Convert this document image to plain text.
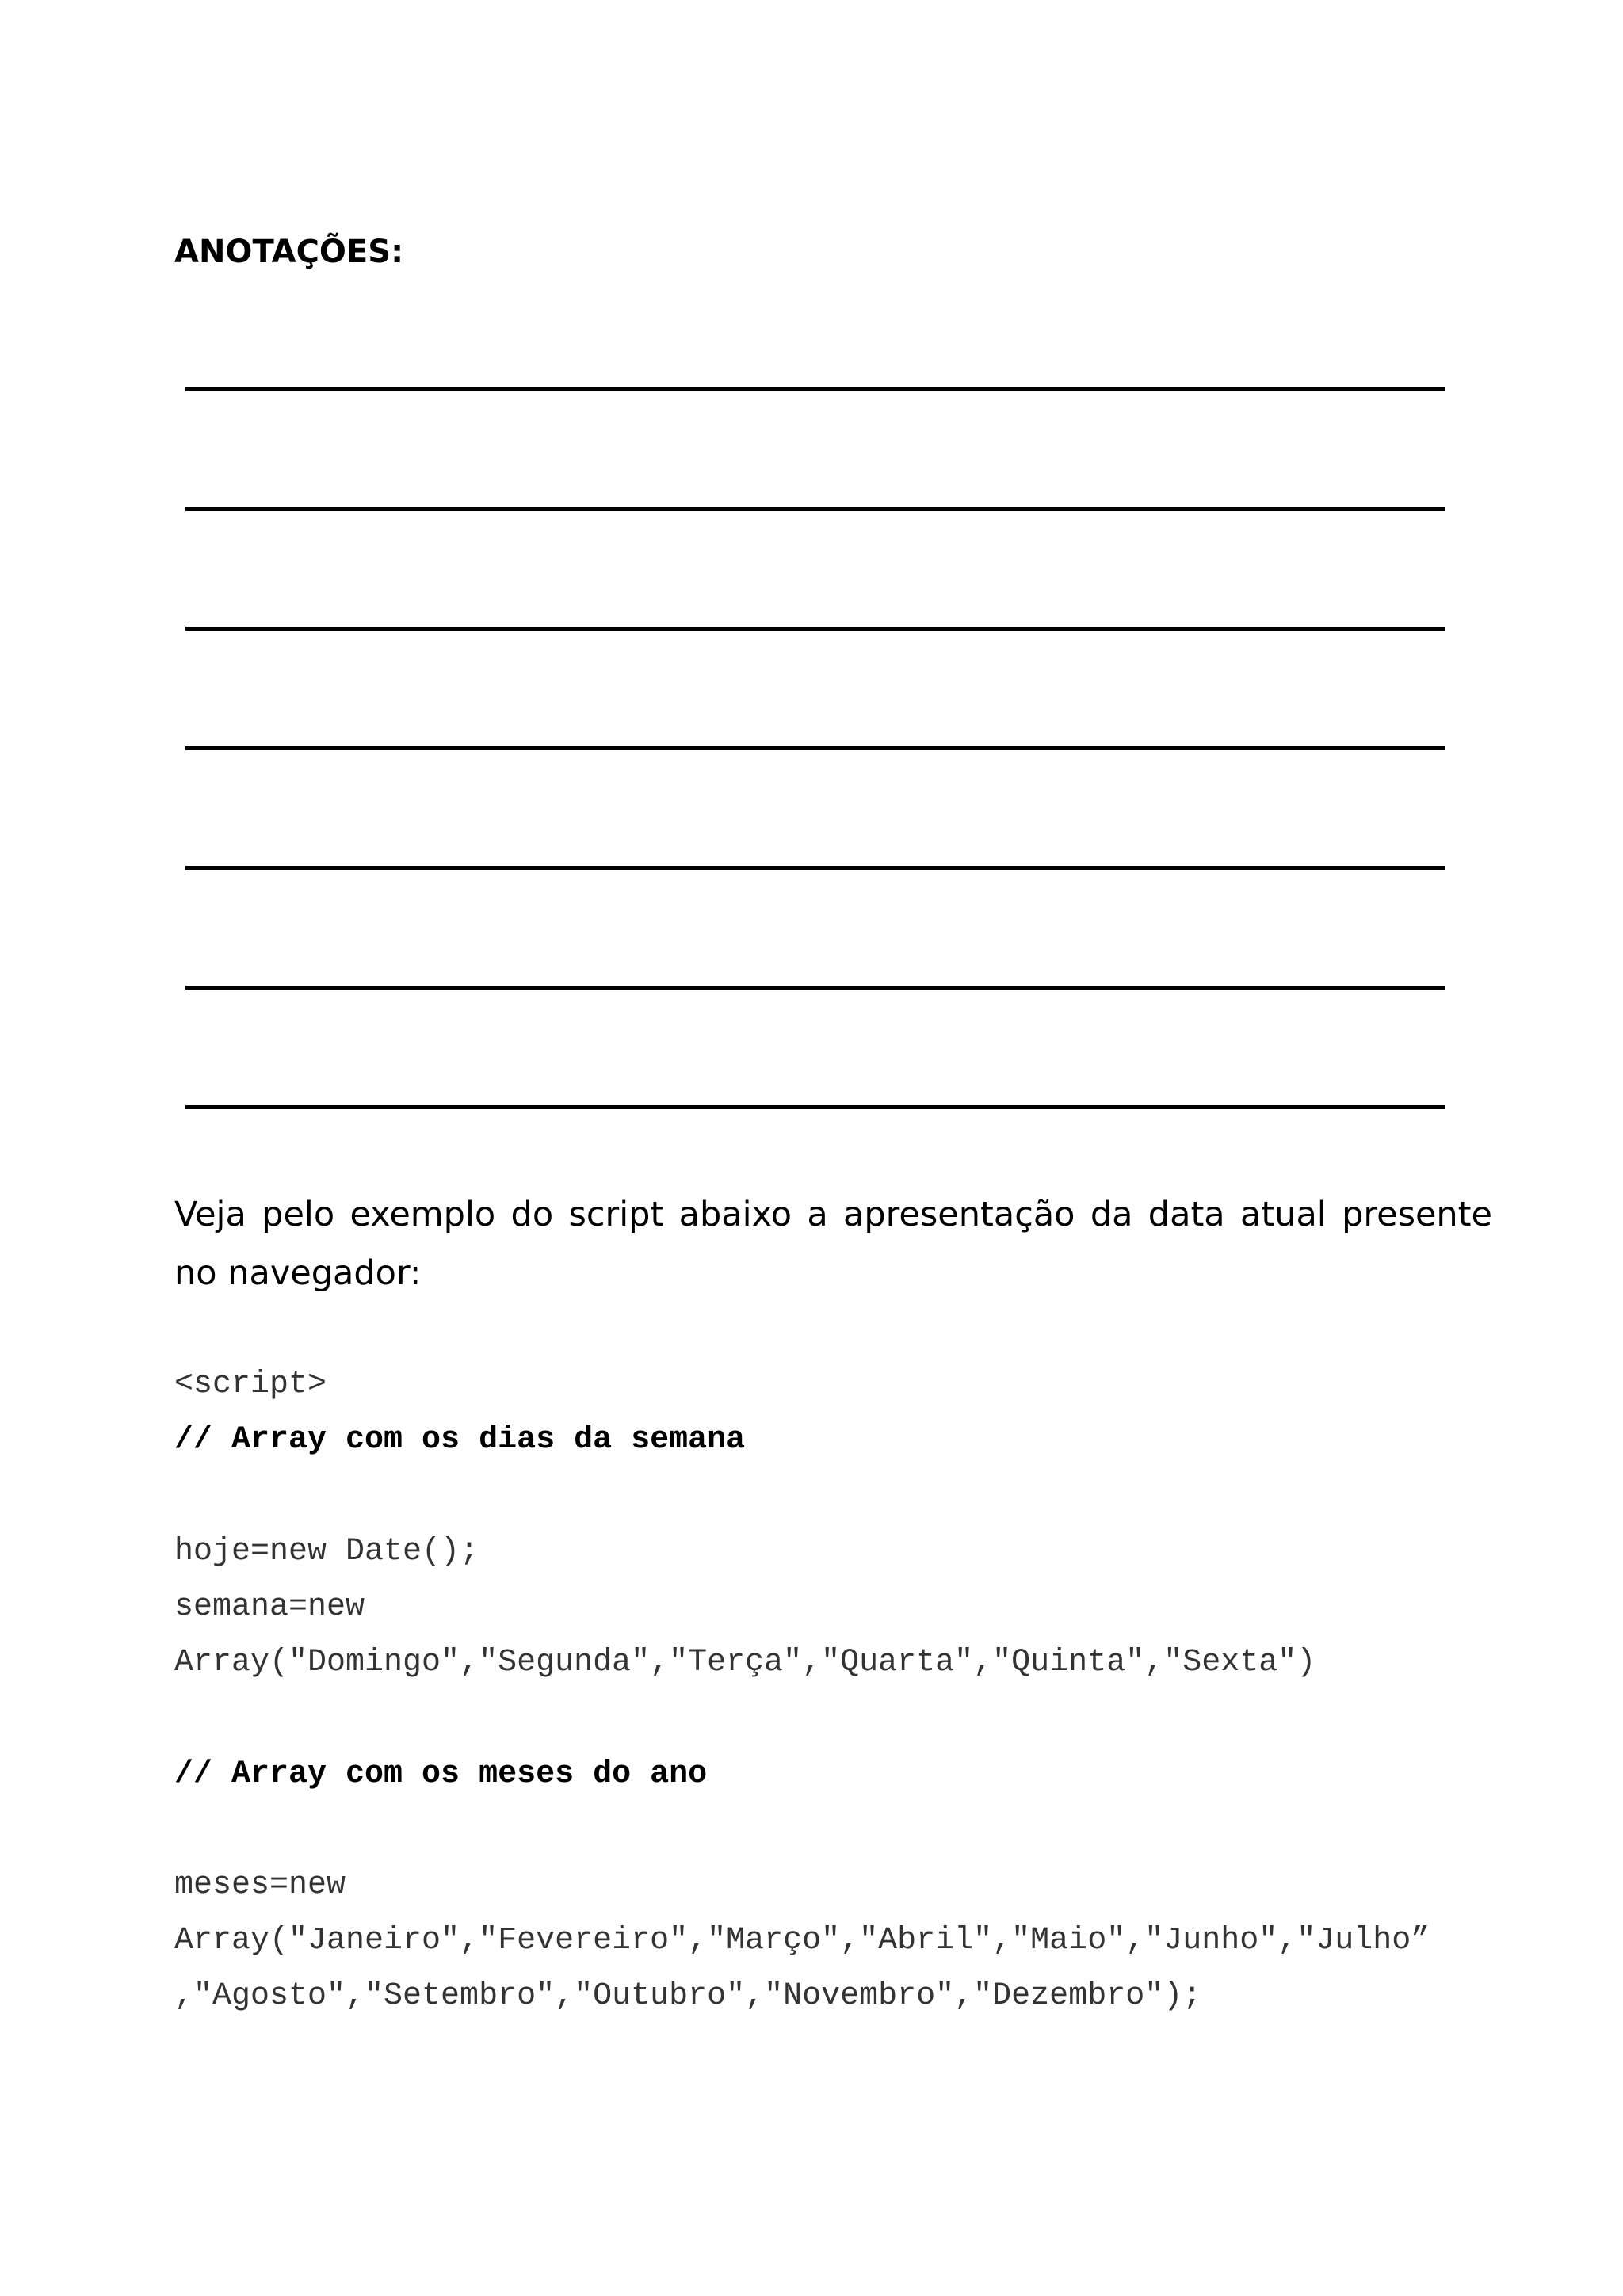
ANOTAÇÕES:

Veja pelo exemplo do script abaixo a apresentação da data atual presente no navegador:

<script>
// Array com os dias da semana
hoje=new Date();
semana=new
Array("Domingo","Segunda","Terça","Quarta","Quinta","Sexta")
// Array com os meses do ano
meses=new
Array("Janeiro","Fevereiro","Março","Abril","Maio","Junho","Julho”
,"Agosto","Setembro","Outubro","Novembro","Dezembro");
